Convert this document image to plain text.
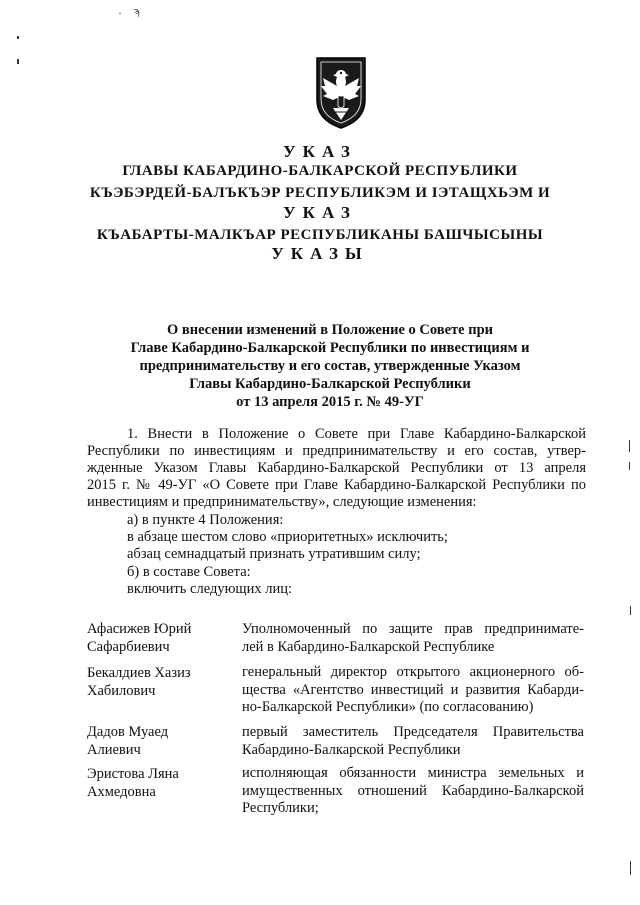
· ϡ
УКАЗ
ГЛАВЫ КАБАРДИНО-БАЛКАРСКОЙ РЕСПУБЛИКИ
КЪЭБЭРДЕЙ-БАЛЪКЪЭР РЕСПУБЛИКЭМ И ІЭТАЩХЬЭМ И
УКАЗ
КЪАБАРТЫ-МАЛКЪАР РЕСПУБЛИКАНЫ БАШЧЫСЫНЫ
УКАЗЫ
О внесении изменений в Положение о Совете при
Главе Кабардино-Балкарской Республики по инвестициям и
предпринимательству и его состав, утвержденные Указом
Главы Кабардино-Балкарской Республики
от 13 апреля 2015 г. № 49-УГ
1. Внести в Положение о Совете при Главе Кабардино-Балкарской
Республики по инвестициям и предпринимательству и его состав, утвер-
жденные Указом Главы Кабардино-Балкарской Республики от 13 апреля
2015 г. № 49-УГ «О Совете при Главе Кабардино-Балкарской Республики по
инвестициям и предпринимательству», следующие изменения:
а) в пункте 4 Положения:
в абзаце шестом слово «приоритетных» исключить;
абзац семнадцатый признать утратившим силу;
б) в составе Совета:
включить следующих лиц:
Афасижев Юрий
Сафарбиевич
Уполномоченный по защите прав предпринимате-
лей в Кабардино-Балкарской Республике
Бекалдиев Хазиз
Хабилович
генеральный директор открытого акционерного об-
щества «Агентство инвестиций и развития Кабарди-
но-Балкарской Республики» (по согласованию)
Дадов Муаед
Алиевич
первый заместитель Председателя Правительства
Кабардино-Балкарской Республики
Эристова Ляна
Ахмедовна
исполняющая обязанности министра земельных и
имущественных отношений Кабардино-Балкарской
Республики;
